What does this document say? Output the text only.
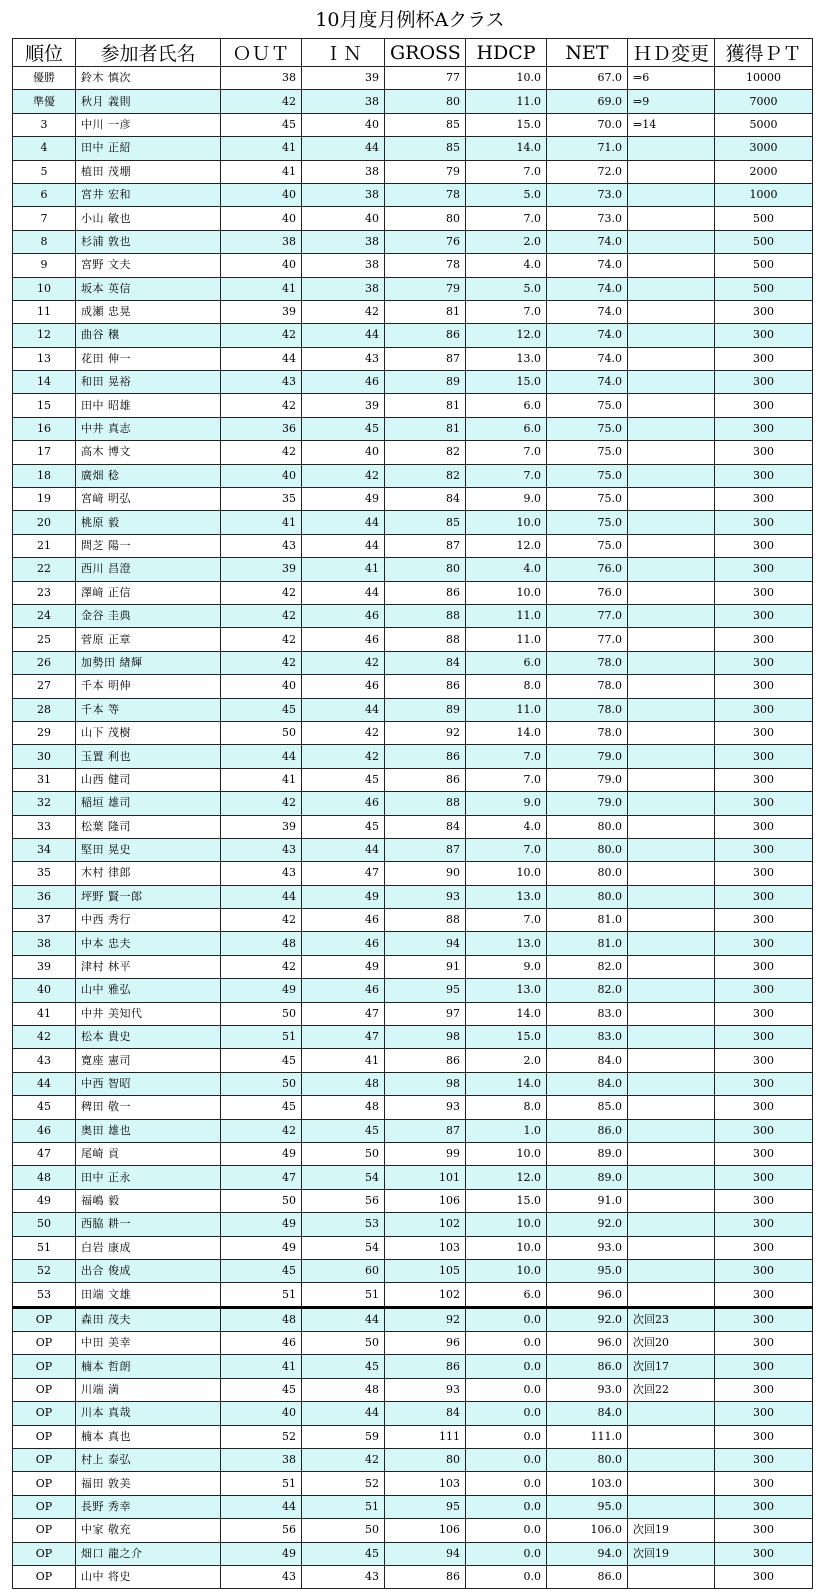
10月度月例杯Aクラス
順位	参加者氏名	ＯＵＴ	ＩＮ	GROSS	HDCP	NET	ＨＤ変更	獲得ＰＴ
優勝	鈴木 慎次	38	39	77	10.0	67.0	⇒6	10000
準優	秋月 義則	42	38	80	11.0	69.0	⇒9	7000
3	中川 一彦	45	40	85	15.0	70.0	⇒14	5000
4	田中 正紹	41	44	85	14.0	71.0		3000
5	植田 茂堋	41	38	79	7.0	72.0		2000
6	宮井 宏和	40	38	78	5.0	73.0		1000
7	小山 敏也	40	40	80	7.0	73.0		500
8	杉浦 敦也	38	38	76	2.0	74.0		500
9	宮野 文夫	40	38	78	4.0	74.0		500
10	坂本 英信	41	38	79	5.0	74.0		500
11	成瀬 忠晃	39	42	81	7.0	74.0		300
12	曲谷 穣	42	44	86	12.0	74.0		300
13	花田 伸一	44	43	87	13.0	74.0		300
14	和田 晃裕	43	46	89	15.0	74.0		300
15	田中 昭雄	42	39	81	6.0	75.0		300
16	中井 真志	36	45	81	6.0	75.0		300
17	高木 博文	42	40	82	7.0	75.0		300
18	廣畑 稔	40	42	82	7.0	75.0		300
19	宮﨑 明弘	35	49	84	9.0	75.0		300
20	桃原 毅	41	44	85	10.0	75.0		300
21	問芝 陽一	43	44	87	12.0	75.0		300
22	西川 昌澄	39	41	80	4.0	76.0		300
23	澤﨑 正信	42	44	86	10.0	76.0		300
24	金谷 圭典	42	46	88	11.0	77.0		300
25	菅原 正章	42	46	88	11.0	77.0		300
26	加勢田 緖輝	42	42	84	6.0	78.0		300
27	千本 明伸	40	46	86	8.0	78.0		300
28	千本 等	45	44	89	11.0	78.0		300
29	山下 茂樹	50	42	92	14.0	78.0		300
30	玉置 利也	44	42	86	7.0	79.0		300
31	山西 健司	41	45	86	7.0	79.0		300
32	稲垣 雄司	42	46	88	9.0	79.0		300
33	松葉 隆司	39	45	84	4.0	80.0		300
34	堅田 晃史	43	44	87	7.0	80.0		300
35	木村 律郎	43	47	90	10.0	80.0		300
36	坪野 賢一郎	44	49	93	13.0	80.0		300
37	中西 秀行	42	46	88	7.0	81.0		300
38	中本 忠夫	48	46	94	13.0	81.0		300
39	津村 林平	42	49	91	9.0	82.0		300
40	山中 雅弘	49	46	95	13.0	82.0		300
41	中井 美知代	50	47	97	14.0	83.0		300
42	松本 貴史	51	47	98	15.0	83.0		300
43	寛座 憲司	45	41	86	2.0	84.0		300
44	中西 智昭	50	48	98	14.0	84.0		300
45	稗田 敬一	45	48	93	8.0	85.0		300
46	奥田 雄也	42	45	87	1.0	86.0		300
47	尾崎 貢	49	50	99	10.0	89.0		300
48	田中 正永	47	54	101	12.0	89.0		300
49	福嶋 毅	50	56	106	15.0	91.0		300
50	西脇 耕一	49	53	102	10.0	92.0		300
51	白岩 康成	49	54	103	10.0	93.0		300
52	出合 俊成	45	60	105	10.0	95.0		300
53	田端 文雄	51	51	102	6.0	96.0		300
OP	森田 茂夫	48	44	92	0.0	92.0	次回23	300
OP	中田 美幸	46	50	96	0.0	96.0	次回20	300
OP	楠本 哲朗	41	45	86	0.0	86.0	次回17	300
OP	川端 満	45	48	93	0.0	93.0	次回22	300
OP	川本 真哉	40	44	84	0.0	84.0		300
OP	楠本 真也	52	59	111	0.0	111.0		300
OP	村上 泰弘	38	42	80	0.0	80.0		300
OP	福田 敦美	51	52	103	0.0	103.0		300
OP	長野 秀幸	44	51	95	0.0	95.0		300
OP	中家 敬充	56	50	106	0.0	106.0	次回19	300
OP	畑口 龍之介	49	45	94	0.0	94.0	次回19	300
OP	山中 将史	43	43	86	0.0	86.0		300
